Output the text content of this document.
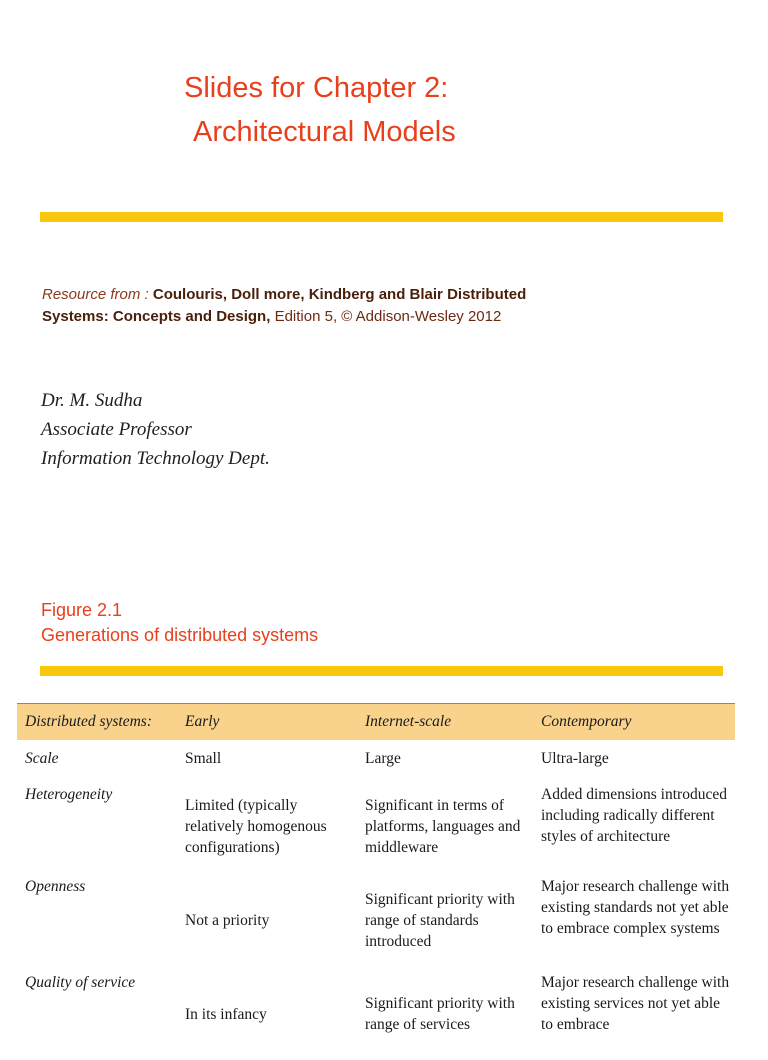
Slides for Chapter 2:
Architectural Models
Resource from : Coulouris, Doll more, Kindberg and Blair Distributed
Systems: Concepts and Design, Edition 5, © Addison-Wesley 2012
Dr. M. Sudha
Associate Professor
Information Technology Dept.
Figure 2.1
Generations of distributed systems
Distributed systems:	Early	Internet-scale	Contemporary
Scale	Small	Large	Ultra-large
Heterogeneity	Limited (typically relatively homogenous configurations)	Significant in terms of platforms, languages and middleware	Added dimensions introduced including radically different styles of architecture
Openness	Not a priority	Significant priority with range of standards introduced	Major research challenge with existing standards not yet able to embrace complex systems
Quality of service	In its infancy	Significant priority with range of services	Major research challenge with existing services not yet able to embrace
